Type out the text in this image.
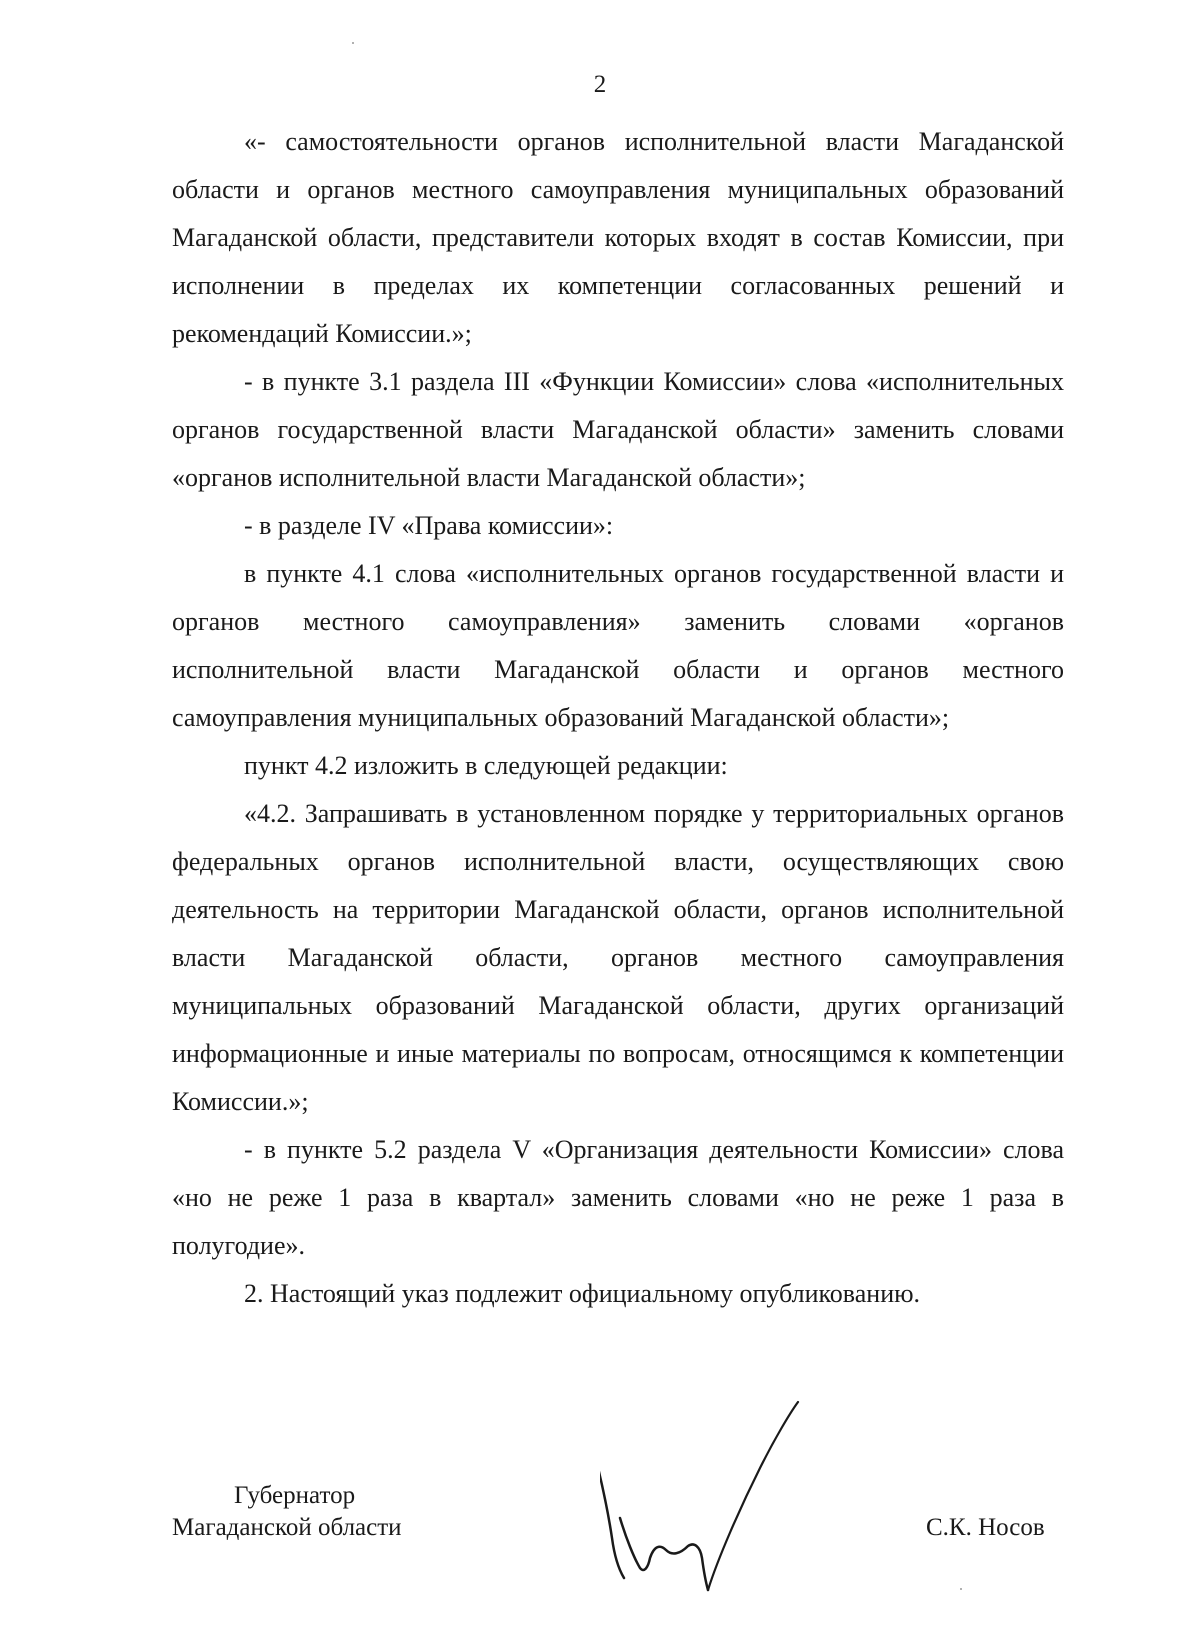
2

«- самостоятельности органов исполнительной власти Магаданской области и органов местного самоуправления муниципальных образований Магаданской области, представители которых входят в состав Комиссии, при исполнении в пределах их компетенции согласованных решений и рекомендаций Комиссии.»;

- в пункте 3.1 раздела III «Функции Комиссии» слова «исполнительных органов государственной власти Магаданской области» заменить словами «органов исполнительной власти Магаданской области»;

- в разделе IV «Права комиссии»:

в пункте 4.1 слова «исполнительных органов государственной власти и органов местного самоуправления» заменить словами «органов исполнительной власти Магаданской области и органов местного самоуправления муниципальных образований Магаданской области»;

пункт 4.2 изложить в следующей редакции:

«4.2. Запрашивать в установленном порядке у территориальных органов федеральных органов исполнительной власти, осуществляющих свою деятельность на территории Магаданской области, органов исполнительной власти Магаданской области, органов местного самоуправления муниципальных образований Магаданской области, других организаций информационные и иные материалы по вопросам, относящимся к компетенции Комиссии.»;

- в пункте 5.2 раздела V «Организация деятельности Комиссии» слова «но не реже 1 раза в квартал» заменить словами «но не реже 1 раза в полугодие».

2. Настоящий указ подлежит официальному опубликованию.

Губернатор
Магаданской области	С.К. Носов
